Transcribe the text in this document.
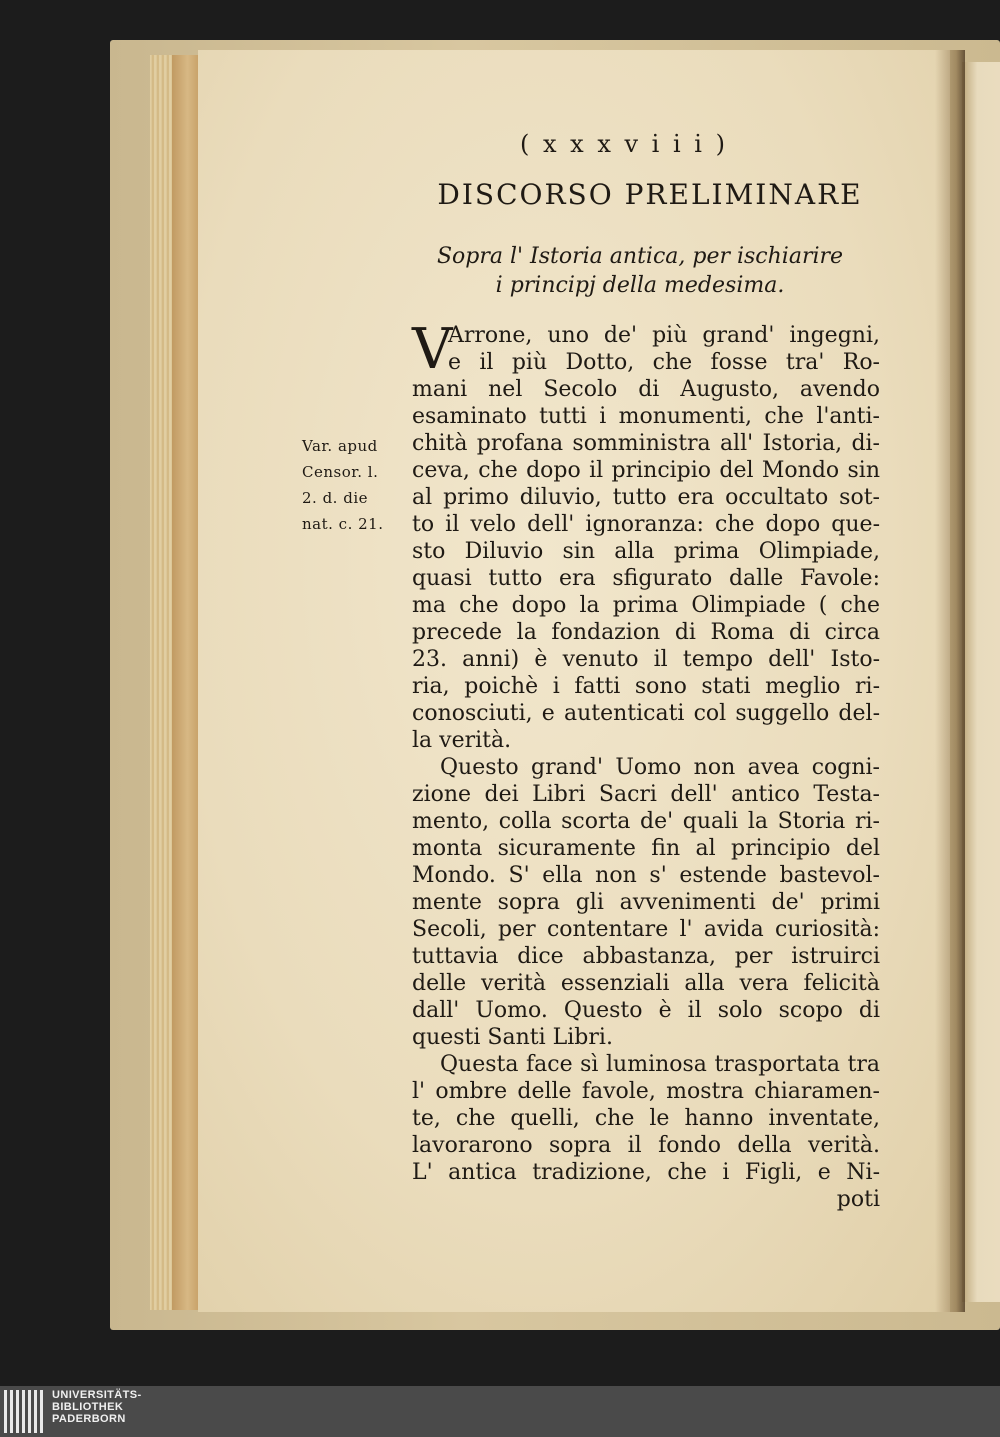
( x x x v i i i )
DISCORSO PRELIMINARE
Sopra l' Istoria antica, per ischiarire
i principj della medesima.
V
Var. apud
Censor. l.
2. d. die
nat. c. 21.
Arrone, uno de' più grand' ingegni,
e il più Dotto, che fosse tra' Ro-
mani nel Secolo di Augusto, avendo
esaminato tutti i monumenti, che l'anti-
chità profana somministra all' Istoria, di-
ceva, che dopo il principio del Mondo sin
al primo diluvio, tutto era occultato sot-
to il velo dell' ignoranza: che dopo que-
sto Diluvio sin alla prima Olimpiade,
quasi tutto era sfigurato dalle Favole:
ma che dopo la prima Olimpiade ( che
precede la fondazion di Roma di circa
23. anni) è venuto il tempo dell' Isto-
ria, poichè i fatti sono stati meglio ri-
conosciuti, e autenticati col suggello del-
la verità.
Questo grand' Uomo non avea cogni-
zione dei Libri Sacri dell' antico Testa-
mento, colla scorta de' quali la Storia ri-
monta sicuramente fin al principio del
Mondo. S' ella non s' estende bastevol-
mente sopra gli avvenimenti de' primi
Secoli, per contentare l' avida curiosità:
tuttavia dice abbastanza, per istruirci
delle verità essenziali alla vera felicità
dall' Uomo. Questo è il solo scopo di
questi Santi Libri.
Questa face sì luminosa trasportata tra
l' ombre delle favole, mostra chiaramen-
te, che quelli, che le hanno inventate,
lavorarono sopra il fondo della verità.
L' antica tradizione, che i Figli, e Ni-
poti
UNIVERSITÄTS-
BIBLIOTHEK
PADERBORN
